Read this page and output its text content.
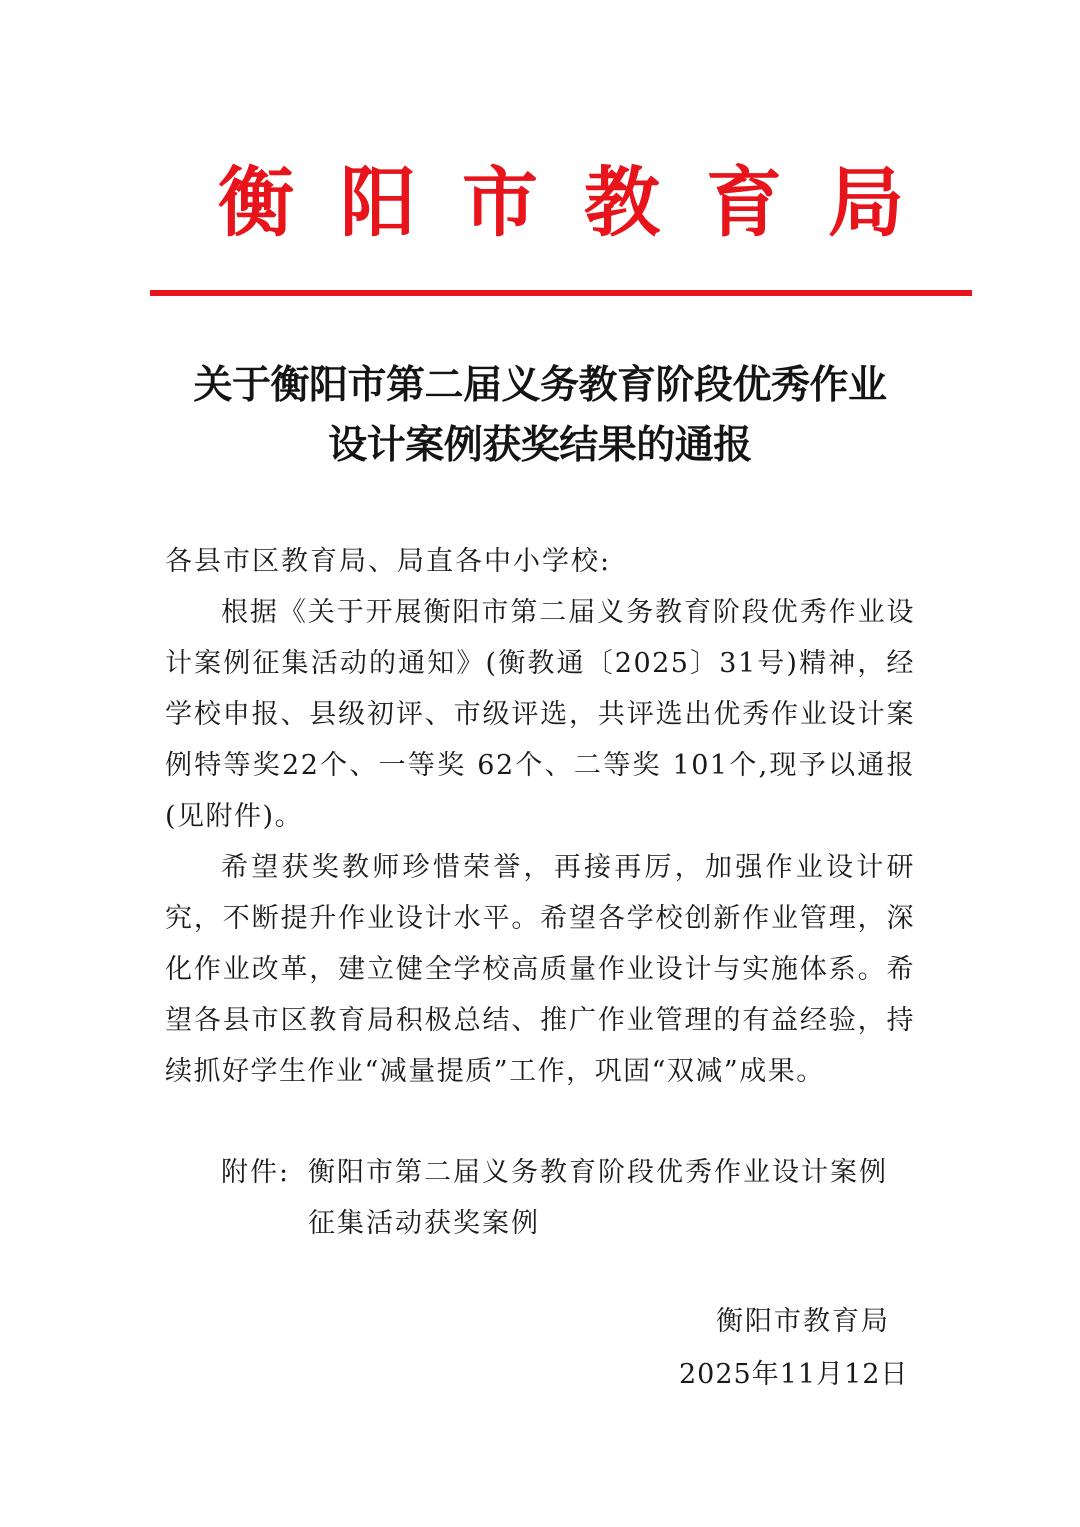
衡阳市教育局
关于衡阳市第二届义务教育阶段优秀作业
设计案例获奖结果的通报
各县市区教育局、局直各中小学校:
根据《关于开展衡阳市第二届义务教育阶段优秀作业设计案例征集活动的通知》(衡教通〔2025〕31号)精神，经学校申报、县级初评、市级评选，共评选出优秀作业设计案例特等奖22个、一等奖 62个、二等奖 101个,现予以通报(见附件)。
希望获奖教师珍惜荣誉，再接再厉，加强作业设计研究，不断提升作业设计水平。希望各学校创新作业管理，深化作业改革，建立健全学校高质量作业设计与实施体系。希望各县市区教育局积极总结、推广作业管理的有益经验，持续抓好学生作业“减量提质”工作，巩固“双减”成果。
附件: 衡阳市第二届义务教育阶段优秀作业设计案例征集活动获奖案例
衡阳市教育局
2025年11月12日
